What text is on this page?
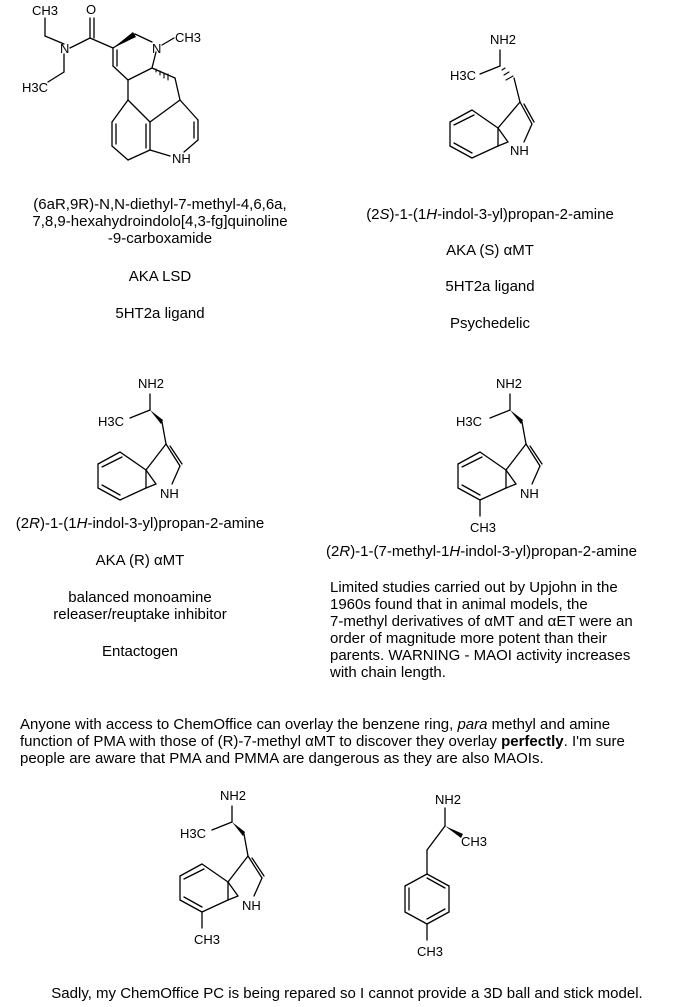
CH3 O
N
H3C
N
CH3
NH
(6aR,9R)-N,N-diethyl-7-methyl-4,6,6a,
7,8,9-hexahydroindolo[4,3-fg]quinoline
-9-carboxamide
AKA LSD
5HT2a ligand
NH2
H3C
NH
(2S)-1-(1H-indol-3-yl)propan-2-amine
AKA (S) αMT
5HT2a ligand
Psychedelic
NH2
H3C
NH
(2R)-1-(1H-indol-3-yl)propan-2-amine
AKA (R) αMT
balanced monoamine
releaser/reuptake inhibitor
Entactogen
NH2
H3C
NH
CH3
(2R)-1-(7-methyl-1H-indol-3-yl)propan-2-amine
Limited studies carried out by Upjohn in the
1960s found that in animal models, the
7-methyl derivatives of αMT and αET were an
order of magnitude more potent than their
parents. WARNING - MAOI activity increases
with chain length.
Anyone with access to ChemOffice can overlay the benzene ring, para methyl and amine
function of PMA with those of (R)-7-methyl αMT to discover they overlay perfectly. I'm sure
people are aware that PMA and PMMA are dangerous as they are also MAOIs.
NH2
H3C
NH
CH3
NH2
CH3
CH3
Sadly, my ChemOffice PC is being repared so I cannot provide a 3D ball and stick model.
